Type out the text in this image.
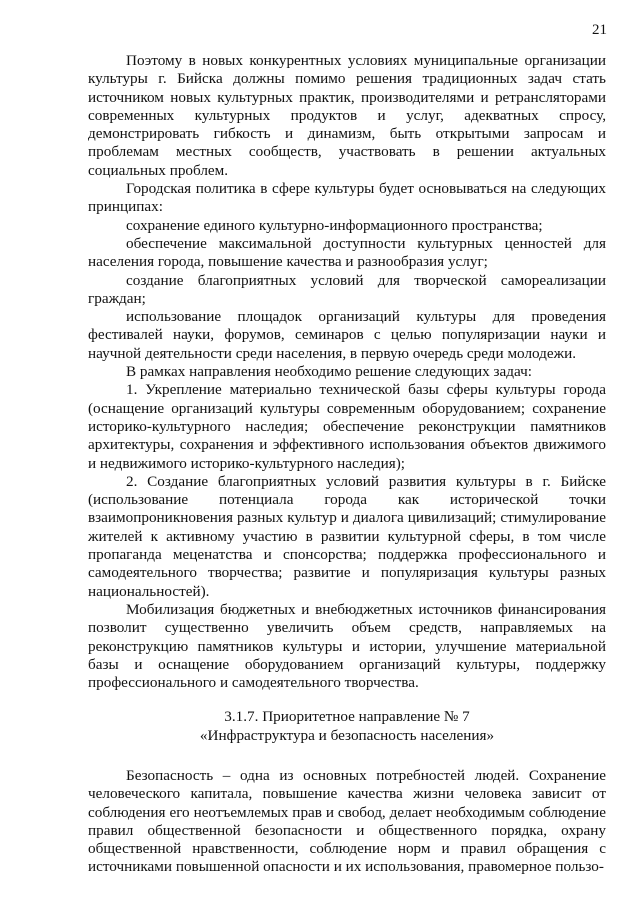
21

Поэтому в новых конкурентных условиях муниципальные организации культуры г. Бийска должны помимо решения традиционных задач стать источником новых культурных практик, производителями и ретрансляторами современных культурных продуктов и услуг, адекватных спросу, демонстрировать гибкость и динамизм, быть открытыми запросам и проблемам местных сообществ, участвовать в решении актуальных социальных проблем.

Городская политика в сфере культуры будет основываться на следующих принципах:

сохранение единого культурно-информационного пространства;

обеспечение максимальной доступности культурных ценностей для населения города, повышение качества и разнообразия услуг;

создание благоприятных условий для творческой самореализации граждан;

использование площадок организаций культуры для проведения фестивалей науки, форумов, семинаров с целью популяризации науки и научной деятельности среди населения, в первую очередь среди молодежи.

В рамках направления необходимо решение следующих задач:

1. Укрепление материально технической базы сферы культуры города (оснащение организаций культуры современным оборудованием; сохранение историко-культурного наследия; обеспечение реконструкции памятников архитектуры, сохранения и эффективного использования объектов движимого и недвижимого историко-культурного наследия);

2. Создание благоприятных условий развития культуры в г. Бийске (использование потенциала города как исторической точки взаимопроникновения разных культур и диалога цивилизаций; стимулирование жителей к активному участию в развитии культурной сферы, в том числе пропаганда меценатства и спонсорства; поддержка профессионального и самодеятельного творчества; развитие и популяризация культуры разных национальностей).

Мобилизация бюджетных и внебюджетных источников финансирования позволит существенно увеличить объем средств, направляемых на реконструкцию памятников культуры и истории, улучшение материальной базы и оснащение оборудованием организаций культуры, поддержку профессионального и самодеятельного творчества.

3.1.7. Приоритетное направление № 7
«Инфраструктура и безопасность населения»

Безопасность – одна из основных потребностей людей. Сохранение человеческого капитала, повышение качества жизни человека зависит от соблюдения его неотъемлемых прав и свобод, делает необходимым соблюдение правил общественной безопасности и общественного порядка, охрану общественной нравственности, соблюдение норм и правил обращения с источниками повышенной опасности и их использования, правомерное пользо-
